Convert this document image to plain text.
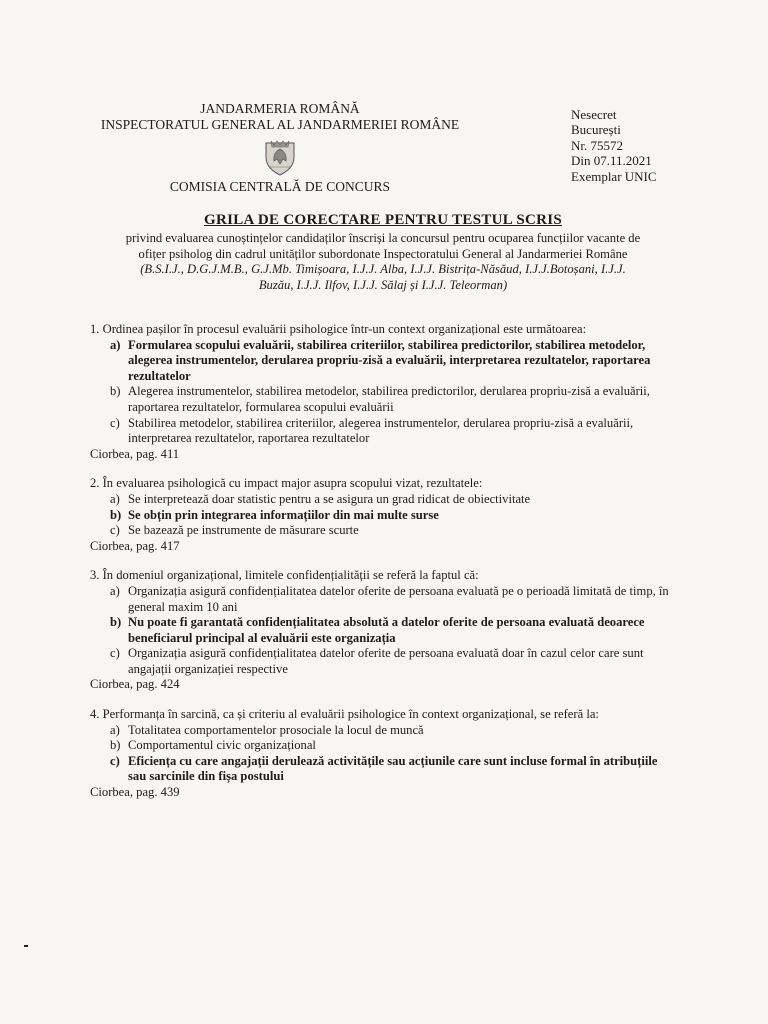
JANDARMERIA ROMÂNĂ
INSPECTORATUL GENERAL AL JANDARMERIEI ROMÂNE
COMISIA CENTRALĂ DE CONCURS
Nesecret
București
Nr. 75572
Din 07.11.2021
Exemplar UNIC

GRILA DE CORECTARE PENTRU TESTUL SCRIS

privind evaluarea cunoștințelor candidaților înscriși la concursul pentru ocuparea funcțiilor vacante de
ofițer psiholog din cadrul unităților subordonate Inspectoratului General al Jandarmeriei Române
(B.S.I.J., D.G.J.M.B., G.J.Mb. Timișoara, I.J.J. Alba, I.J.J. Bistrița-Năsăud, I.J.J.Botoșani, I.J.J.
Buzău, I.J.J. Ilfov, I.J.J. Sălaj și I.J.J. Teleorman)

1. Ordinea pașilor în procesul evaluării psihologice într-un context organizațional este următoarea:

a) Formularea scopului evaluării, stabilirea criteriilor, stabilirea predictorilor, stabilirea metodelor, alegerea instrumentelor, derularea propriu-zisă a evaluării, interpretarea rezultatelor, raportarea rezultatelor
b) Alegerea instrumentelor, stabilirea metodelor, stabilirea predictorilor, derularea propriu-zisă a evaluării, raportarea rezultatelor, formularea scopului evaluării
c) Stabilirea metodelor, stabilirea criteriilor, alegerea instrumentelor, derularea propriu-zisă a evaluării, interpretarea rezultatelor, raportarea rezultatelor

Ciorbea, pag. 411

2. În evaluarea psihologică cu impact major asupra scopului vizat, rezultatele:

a) Se interpretează doar statistic pentru a se asigura un grad ridicat de obiectivitate
b) Se obțin prin integrarea informațiilor din mai multe surse
c) Se bazează pe instrumente de măsurare scurte

Ciorbea, pag. 417

3. În domeniul organizațional, limitele confidențialității se referă la faptul că:

a) Organizația asigură confidențialitatea datelor oferite de persoana evaluată pe o perioadă limitată de timp, în general maxim 10 ani
b) Nu poate fi garantată confidențialitatea absolută a datelor oferite de persoana evaluată deoarece beneficiarul principal al evaluării este organizația
c) Organizația asigură confidențialitatea datelor oferite de persoana evaluată doar în cazul celor care sunt angajații organizației respective

Ciorbea, pag. 424

4. Performanța în sarcină, ca și criteriu al evaluării psihologice în context organizațional, se referă la:

a) Totalitatea comportamentelor prosociale la locul de muncă
b) Comportamentul civic organizațional
c) Eficiența cu care angajații derulează activitățile sau acțiunile care sunt incluse formal în atribuțiile sau sarcinile din fișa postului

Ciorbea, pag. 439
